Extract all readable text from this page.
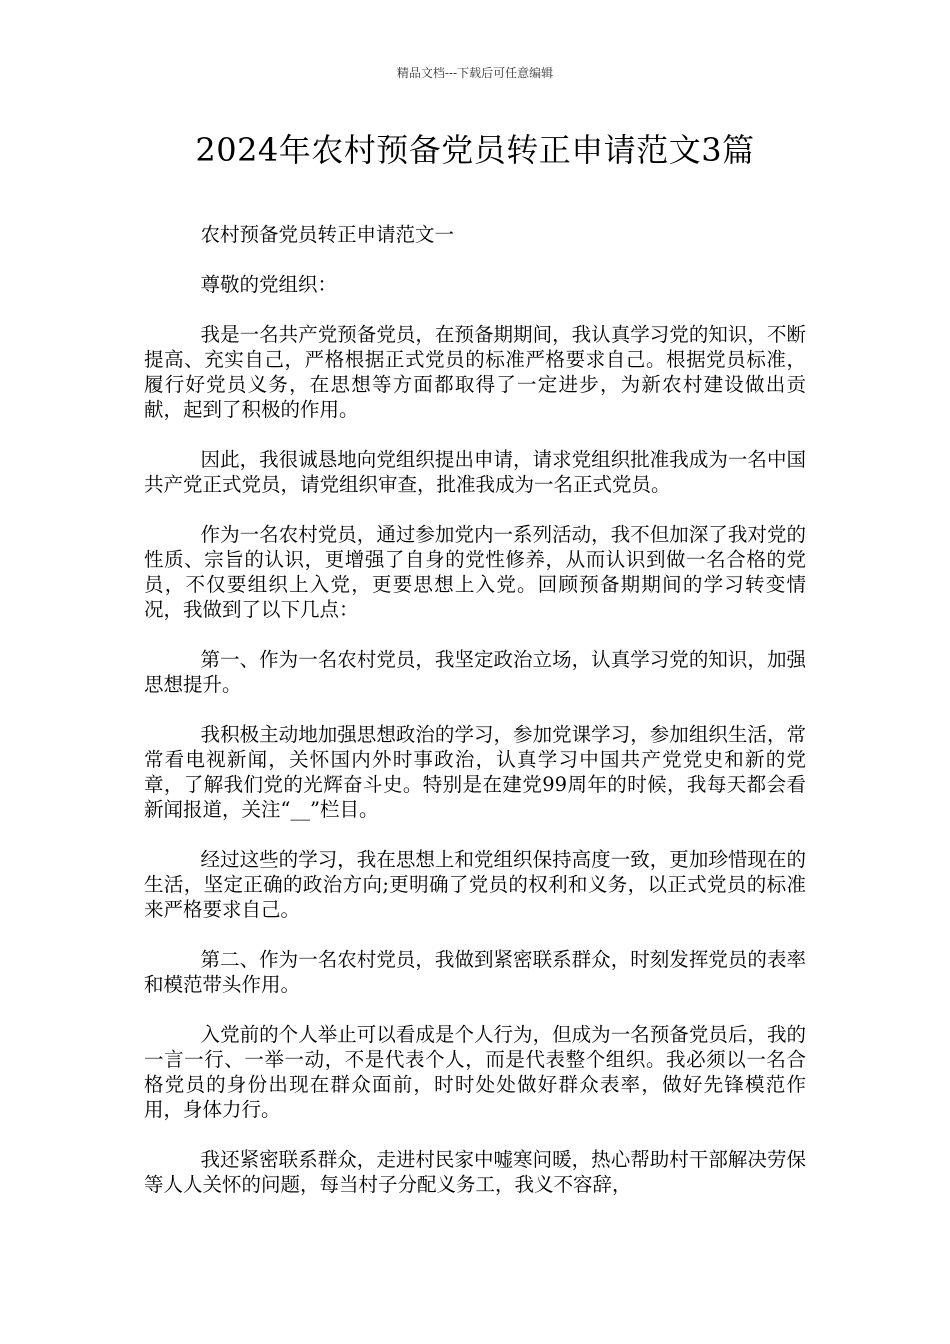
精品文档---下载后可任意编辑
2024年农村预备党员转正申请范文3篇

农村预备党员转正申请范文一

尊敬的党组织：

我是一名共产党预备党员，在预备期期间，我认真学习党的知识，不断提高、充实自己，严格根据正式党员的标准严格要求自己。根据党员标准，履行好党员义务，在思想等方面都取得了一定进步，为新农村建设做出贡献，起到了积极的作用。

因此，我很诚恳地向党组织提出申请，请求党组织批准我成为一名中国共产党正式党员，请党组织审查，批准我成为一名正式党员。

作为一名农村党员，通过参加党内一系列活动，我不但加深了我对党的性质、宗旨的认识，更增强了自身的党性修养，从而认识到做一名合格的党员，不仅要组织上入党，更要思想上入党。回顾预备期期间的学习转变情况，我做到了以下几点：

第一、作为一名农村党员，我坚定政治立场，认真学习党的知识，加强思想提升。

我积极主动地加强思想政治的学习，参加党课学习，参加组织生活，常常看电视新闻，关怀国内外时事政治，认真学习中国共产党党史和新的党章，了解我们党的光辉奋斗史。特别是在建党99周年的时候，我每天都会看新闻报道，关注“__”栏目。

经过这些的学习，我在思想上和党组织保持高度一致，更加珍惜现在的生活，坚定正确的政治方向;更明确了党员的权利和义务，以正式党员的标准来严格要求自己。

第二、作为一名农村党员，我做到紧密联系群众，时刻发挥党员的表率和模范带头作用。

入党前的个人举止可以看成是个人行为，但成为一名预备党员后，我的一言一行、一举一动，不是代表个人，而是代表整个组织。我必须以一名合格党员的身份出现在群众面前，时时处处做好群众表率，做好先锋模范作用，身体力行。

我还紧密联系群众，走进村民家中嘘寒问暖，热心帮助村干部解决劳保等人人关怀的问题，每当村子分配义务工，我义不容辞，
